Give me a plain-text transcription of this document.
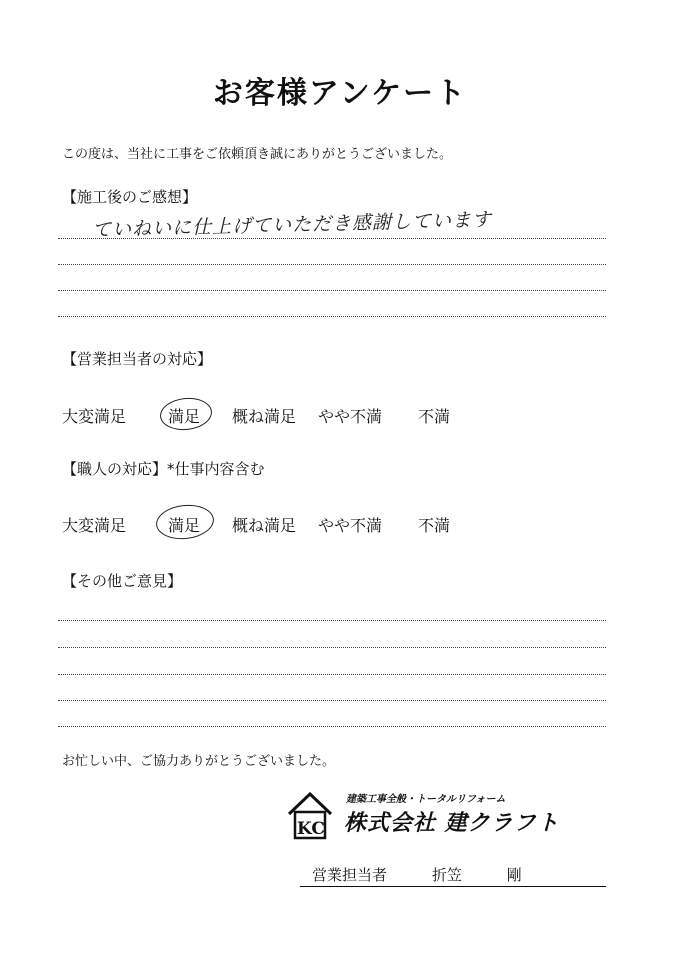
お客様アンケート
この度は、当社に工事をご依頼頂き誠にありがとうございました。
【施工後のご感想】
ていねいに仕上げていただき感謝しています
【営業担当者の対応】
大変満足	満足 概ね満足 やや不満 不満
【職人の対応】*仕事内容含む
大変満足	満足 概ね満足 やや不満 不満
【その他ご意見】
お忙しい中、ご協力ありがとうございました。
KC
建築工事全般・トータルリフォーム
株式会社 建クラフト
営業担当者	折笠 剛
